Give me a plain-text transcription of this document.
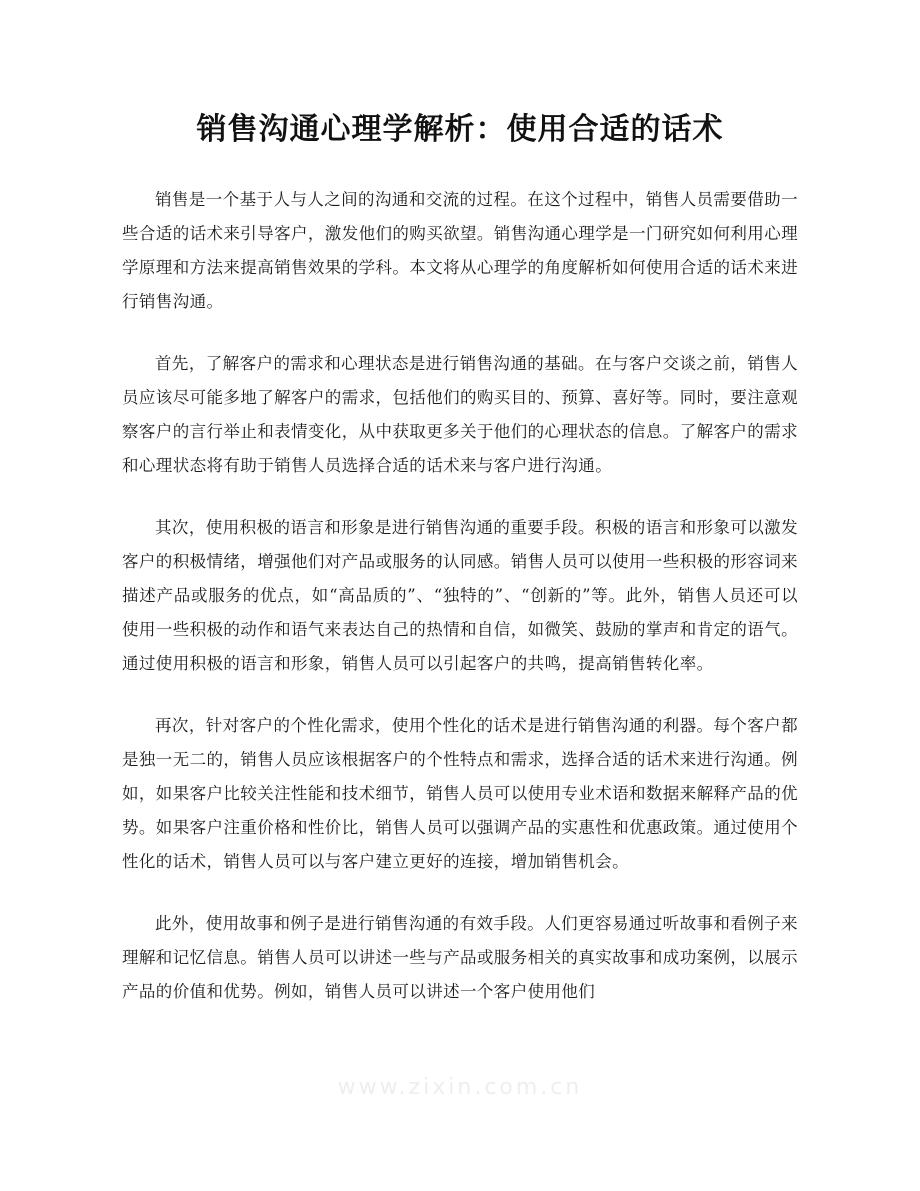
销售沟通心理学解析：使用合适的话术

销售是一个基于人与人之间的沟通和交流的过程。在这个过程中，销售人员需要借助一些合适的话术来引导客户，激发他们的购买欲望。销售沟通心理学是一门研究如何利用心理学原理和方法来提高销售效果的学科。本文将从心理学的角度解析如何使用合适的话术来进行销售沟通。

首先，了解客户的需求和心理状态是进行销售沟通的基础。在与客户交谈之前，销售人员应该尽可能多地了解客户的需求，包括他们的购买目的、预算、喜好等。同时，要注意观察客户的言行举止和表情变化，从中获取更多关于他们的心理状态的信息。了解客户的需求和心理状态将有助于销售人员选择合适的话术来与客户进行沟通。

其次，使用积极的语言和形象是进行销售沟通的重要手段。积极的语言和形象可以激发客户的积极情绪，增强他们对产品或服务的认同感。销售人员可以使用一些积极的形容词来描述产品或服务的优点，如“高品质的”、“独特的”、“创新的”等。此外，销售人员还可以使用一些积极的动作和语气来表达自己的热情和自信，如微笑、鼓励的掌声和肯定的语气。通过使用积极的语言和形象，销售人员可以引起客户的共鸣，提高销售转化率。

再次，针对客户的个性化需求，使用个性化的话术是进行销售沟通的利器。每个客户都是独一无二的，销售人员应该根据客户的个性特点和需求，选择合适的话术来进行沟通。例如，如果客户比较关注性能和技术细节，销售人员可以使用专业术语和数据来解释产品的优势。如果客户注重价格和性价比，销售人员可以强调产品的实惠性和优惠政策。通过使用个性化的话术，销售人员可以与客户建立更好的连接，增加销售机会。

此外，使用故事和例子是进行销售沟通的有效手段。人们更容易通过听故事和看例子来理解和记忆信息。销售人员可以讲述一些与产品或服务相关的真实故事和成功案例，以展示产品的价值和优势。例如，销售人员可以讲述一个客户使用他们

www.zixin.com.cn
